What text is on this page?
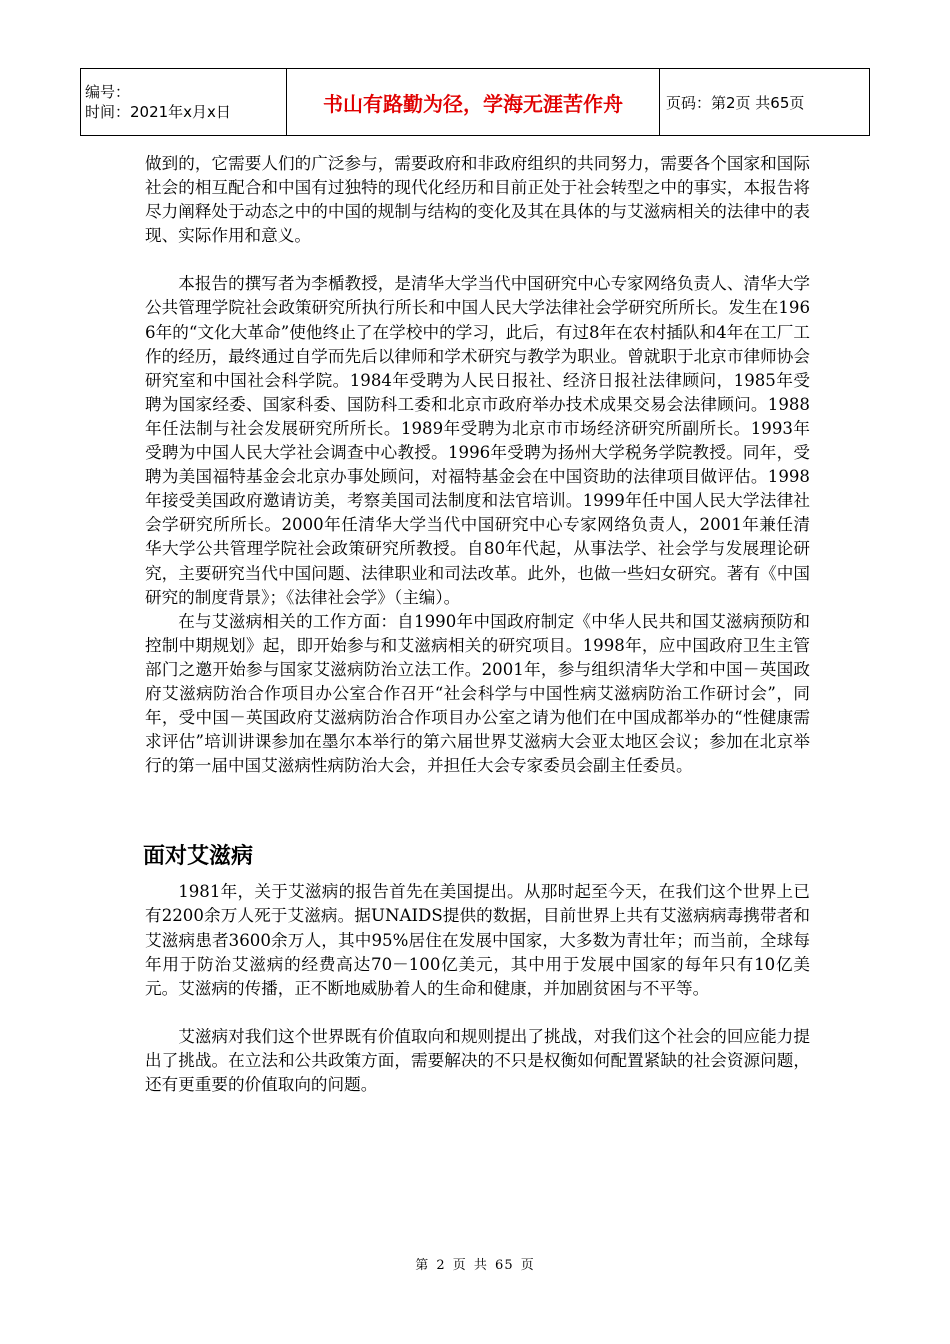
编号：
时间：2021年x月x日	书山有路勤为径，学海无涯苦作舟	页码：第2页 共65页

做到的，它需要人们的广泛参与，需要政府和非政府组织的共同努力，需要各个国家和国际社会的相互配合和中国有过独特的现代化经历和目前正处于社会转型之中的事实，本报告将尽力阐释处于动态之中的中国的规制与结构的变化及其在具体的与艾滋病相关的法律中的表现、实际作用和意义。

本报告的撰写者为李楯教授，是清华大学当代中国研究中心专家网络负责人、清华大学公共管理学院社会政策研究所执行所长和中国人民大学法律社会学研究所所长。发生在1966年的“文化大革命”使他终止了在学校中的学习，此后，有过8年在农村插队和4年在工厂工作的经历，最终通过自学而先后以律师和学术研究与教学为职业。曾就职于北京市律师协会研究室和中国社会科学院。1984年受聘为人民日报社、经济日报社法律顾问，1985年受聘为国家经委、国家科委、国防科工委和北京市政府举办技术成果交易会法律顾问。1988年任法制与社会发展研究所所长。1989年受聘为北京市市场经济研究所副所长。1993年受聘为中国人民大学社会调查中心教授。1996年受聘为扬州大学税务学院教授。同年，受聘为美国福特基金会北京办事处顾问，对福特基金会在中国资助的法律项目做评估。1998年接受美国政府邀请访美，考察美国司法制度和法官培训。1999年任中国人民大学法律社会学研究所所长。2000年任清华大学当代中国研究中心专家网络负责人，2001年兼任清华大学公共管理学院社会政策研究所教授。自80年代起，从事法学、社会学与发展理论研究，主要研究当代中国问题、法律职业和司法改革。此外，也做一些妇女研究。著有《中国研究的制度背景》；《法律社会学》（主编）。

在与艾滋病相关的工作方面：自1990年中国政府制定《中华人民共和国艾滋病预防和控制中期规划》起，即开始参与和艾滋病相关的研究项目。1998年，应中国政府卫生主管部门之邀开始参与国家艾滋病防治立法工作。2001年，参与组织清华大学和中国－英国政府艾滋病防治合作项目办公室合作召开“社会科学与中国性病艾滋病防治工作研讨会”，同年，受中国－英国政府艾滋病防治合作项目办公室之请为他们在中国成都举办的“性健康需求评估”培训讲课参加在墨尔本举行的第六届世界艾滋病大会亚太地区会议；参加在北京举行的第一届中国艾滋病性病防治大会，并担任大会专家委员会副主任委员。

面对艾滋病

1981年，关于艾滋病的报告首先在美国提出。从那时起至今天，在我们这个世界上已有2200余万人死于艾滋病。据UNAIDS提供的数据，目前世界上共有艾滋病病毒携带者和艾滋病患者3600余万人，其中95%居住在发展中国家，大多数为青壮年；而当前，全球每年用于防治艾滋病的经费高达70－100亿美元，其中用于发展中国家的每年只有10亿美元。艾滋病的传播，正不断地威胁着人的生命和健康，并加剧贫困与不平等。

艾滋病对我们这个世界既有价值取向和规则提出了挑战，对我们这个社会的回应能力提出了挑战。在立法和公共政策方面，需要解决的不只是权衡如何配置紧缺的社会资源问题，还有更重要的价值取向的问题。

第 2 页 共 65 页
